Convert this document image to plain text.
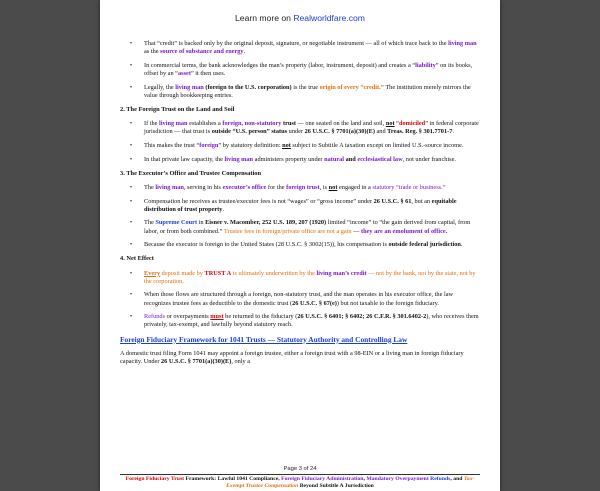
Learn more on Realworldfare.com
•	That “credit” is backed only by the original deposit, signature, or negotiable instrument — all of which trace back to the living man as the source of substance and energy.
•	In commercial terms, the bank acknowledges the man’s property (labor, instrument, deposit) and creates a “liability” on its books, offset by an “asset” it then uses.
•	Legally, the living man (foreign to the U.S. corporation) is the true origin of every “credit.” The institution merely mirrors the value through bookkeeping entries.
2. The Foreign Trust on the Land and Soil
•	If the living man establishes a foreign, non-statutory trust — one seated on the land and soil, not “domiciled” in federal corporate jurisdiction — that trust is outside “U.S. person” status under 26 U.S.C. § 7701(a)(30)(E) and Treas. Reg. § 301.7701-7.
•	This makes the trust “foreign” by statutory definition: not subject to Subtitle A taxation except on limited U.S.-source income.
•	In that private law capacity, the living man administers property under natural and ecclesiastical law, not under franchise.
3. The Executor’s Office and Trustee Compensation
•	The living man, serving in his executor’s office for the foreign trust, is not engaged in a statutory “trade or business.”
•	Compensation he receives as trustee/executor fees is not “wages” or “gross income” under 26 U.S.C. § 61, but an equitable distribution of trust property.
•	The Supreme Court in Eisner v. Macomber, 252 U.S. 189, 207 (1920) limited “income” to “the gain derived from capital, from labor, or from both combined.” Trustee fees in foreign/private office are not a gain — they are an emolument of office.
•	Because the executor is foreign to the United States (28 U.S.C. § 3002(15)), his compensation is outside federal jurisdiction.
4. Net Effect
•	Every deposit made by TRUST A is ultimately underwritten by the living man’s credit — not by the bank, not by the state, not by the corporation.
•	When those flows are structured through a foreign, non-statutory trust, and the man operates in his executor office, the law recognizes trustee fees as deductible to the domestic trust (26 U.S.C. § 67(e)) but not taxable to the foreign fiduciary.
•	Refunds or overpayments must be returned to the fiduciary (26 U.S.C. § 6401; § 6402; 26 C.F.R. § 301.6402-2), who receives them privately, tax-exempt, and lawfully beyond statutory reach.
Foreign Fiduciary Framework for 1041 Trusts — Statutory Authority and Controlling Law

A domestic trust filing Form 1041 may appoint a foreign trustee, either a foreign trust with a 98-EIN or a living man in foreign fiduciary capacity. Under 26 U.S.C. § 7701(a)(30)(E), only a

Page 3 of 24
Foreign Fiduciary Trust Framework: Lawful 1041 Compliance, Foreign Fiduciary Administration, Mandatory Overpayment Refunds, and Tax-Exempt Trustee Compensation Beyond Subtitle A Jurisdiction
